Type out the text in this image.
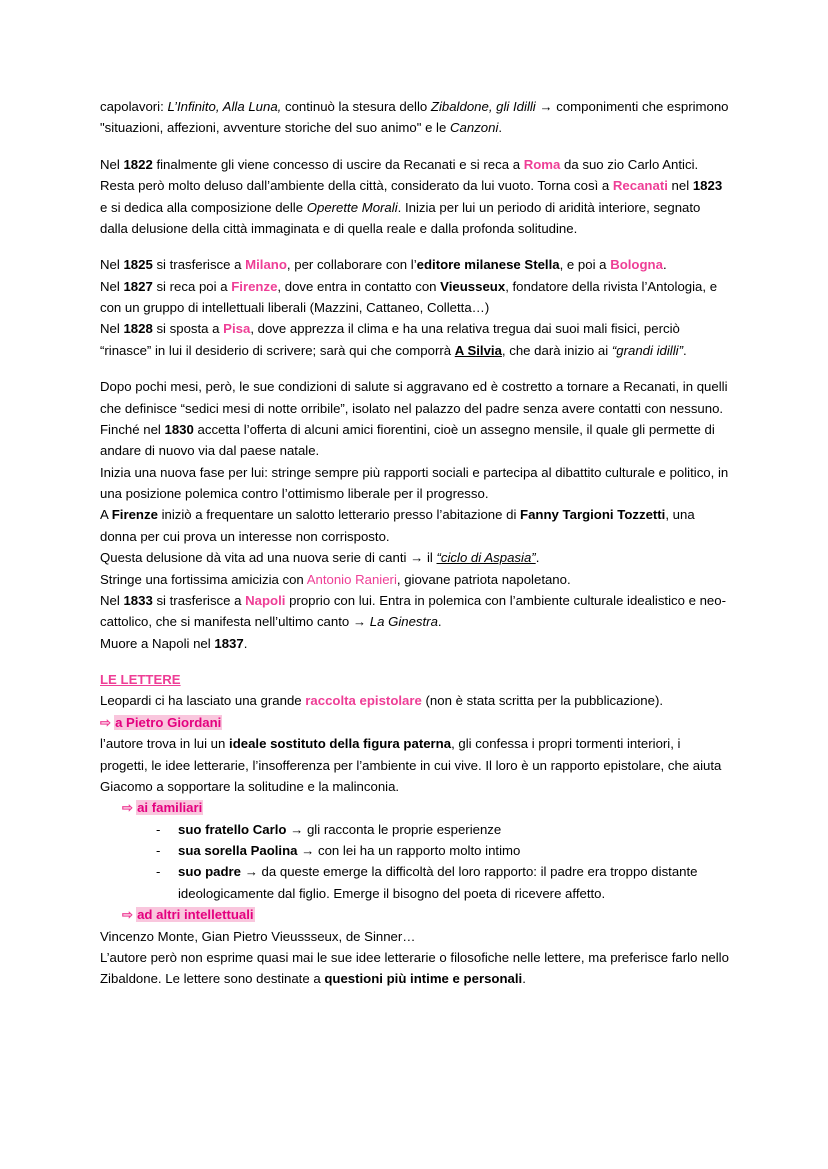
capolavori: L’Infinito, Alla Luna, continuò la stesura dello Zibaldone, gli Idilli → componimenti che esprimono "situazioni, affezioni, avventure storiche del suo animo" e le Canzoni.
Nel 1822 finalmente gli viene concesso di uscire da Recanati e si reca a Roma da suo zio Carlo Antici. Resta però molto deluso dall’ambiente della città, considerato da lui vuoto. Torna così a Recanati nel 1823 e si dedica alla composizione delle Operette Morali. Inizia per lui un periodo di aridità interiore, segnato dalla delusione della città immaginata e di quella reale e dalla profonda solitudine.
Nel 1825 si trasferisce a Milano, per collaborare con l’editore milanese Stella, e poi a Bologna.
Nel 1827 si reca poi a Firenze, dove entra in contatto con Vieusseux, fondatore della rivista l’Antologia, e con un gruppo di intellettuali liberali (Mazzini, Cattaneo, Colletta…)
Nel 1828 si sposta a Pisa, dove apprezza il clima e ha una relativa tregua dai suoi mali fisici, perciò “rinasce” in lui il desiderio di scrivere; sarà qui che comporrà A Silvia, che darà inizio ai “grandi idilli”.
Dopo pochi mesi, però, le sue condizioni di salute si aggravano ed è costretto a tornare a Recanati, in quelli che definisce “sedici mesi di notte orribile”, isolato nel palazzo del padre senza avere contatti con nessuno. Finché nel 1830 accetta l’offerta di alcuni amici fiorentini, cioè un assegno mensile, il quale gli permette di andare di nuovo via dal paese natale.
Inizia una nuova fase per lui: stringe sempre più rapporti sociali e partecipa al dibattito culturale e politico, in una posizione polemica contro l’ottimismo liberale per il progresso.
A Firenze iniziò a frequentare un salotto letterario presso l’abitazione di Fanny Targioni Tozzetti, una donna per cui prova un interesse non corrisposto.
Questa delusione dà vita ad una nuova serie di canti → il “ciclo di Aspasia”.
Stringe una fortissima amicizia con Antonio Ranieri, giovane patriota napoletano.
Nel 1833 si trasferisce a Napoli proprio con lui. Entra in polemica con l’ambiente culturale idealistico e neo-cattolico, che si manifesta nell’ultimo canto → La Ginestra.
Muore a Napoli nel 1837.
LE LETTERE
Leopardi ci ha lasciato una grande raccolta epistolare (non è stata scritta per la pubblicazione).
⇨ a Pietro Giordani
l’autore trova in lui un ideale sostituto della figura paterna, gli confessa i propri tormenti interiori, i progetti, le idee letterarie, l’insofferenza per l’ambiente in cui vive. Il loro è un rapporto epistolare, che aiuta Giacomo a sopportare la solitudine e la malinconia.
⇨ ai familiari
- suo fratello Carlo → gli racconta le proprie esperienze
- sua sorella Paolina → con lei ha un rapporto molto intimo
- suo padre → da queste emerge la difficoltà del loro rapporto: il padre era troppo distante ideologicamente dal figlio. Emerge il bisogno del poeta di ricevere affetto.
⇨ ad altri intellettuali
Vincenzo Monte, Gian Pietro Vieussseux, de Sinner…
L’autore però non esprime quasi mai le sue idee letterarie o filosofiche nelle lettere, ma preferisce farlo nello Zibaldone. Le lettere sono destinate a questioni più intime e personali.
